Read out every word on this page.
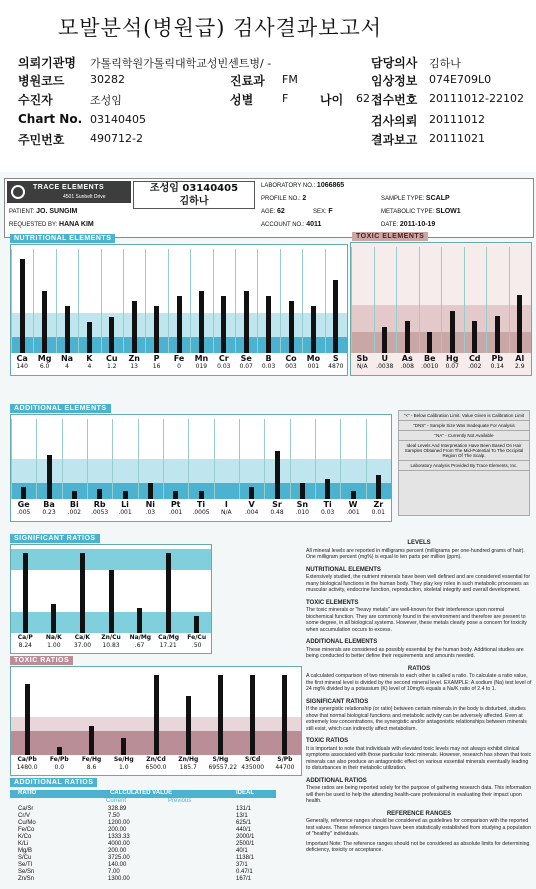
모발분석(병원급) 검사결과보고서
의뢰기관명 가톨릭학원가톨릭대학교성빈센트병/ -	담당의사 김하나
병원코드 30282	진료과 FM	임상정보 074E709L0
수진자	조성임	성별	F	나이 62 접수번호 20111012-22102
Chart No. 03140405	검사의뢰 20111012
주민번호 490712-2	결과보고 20111021
TRACE ELEMENTS
4501 Sunbelt Drive
조성임 03140405
김하나
LABORATORY NO.: 1066865
PROFILE NO.: 2	SAMPLE TYPE: SCALP
PATIENT: JO. SUNGIM	AGE: 62	SEX: F	METABOLIC TYPE: SLOW1
REQUESTED BY: HANA KIM	ACCOUNT NO.: 4011	DATE: 2011-10-19
NUTRITIONAL ELEMENTS	TOXIC ELEMENTS
Ca
140
Mg
6.0
Na
4
K
4
Cu
1.2
Zn
13
P
16
Fe
0
Mn
019
Cr
0.03
Se
0.07
B
0.03
Co
003
Mo
001
S
4870
Sb
N/A
U
.0038
As
.008
Be
.0010
Hg
0.07
Cd
.002
Pb
0.14
Al
2.9
ADDITIONAL ELEMENTS
Ge
.005
Ba
0.23
Bi
.002
Rb
.0053
Li
.001
Ni
.03
Pt
.001
Ti
.0005
I
N/A
V
.004
Sr
0.48
Sn
.010
Ti
0.03
W
.001
Zr
0.01
"<" - Below Calibration Limit. Value Given is Calibration Limit
"DNS" - Sample Size Was Inadequate For Analysis
"NA" - Currently Not Available
Ideal Levels And Interpretation Have Been Based On Hair Samples Obtained From The Mid-Potential To The Occipital Region Of The Scalp.
Laboratory Analysis Provided By Trace Elements, Inc.
SIGNIFICANT RATIOS
Ca/P
8.24
Na/K
1.00
Ca/K
37.00
Zn/Cu
10.83
Na/Mg
.67
Ca/Mg
17.21
Fe/Cu
.50
TOXIC RATIOS
Ca/Pb
1480.0
Fe/Pb
0.0
Fe/Hg
8.6
Se/Hg
1.0
Zn/Cd
6500.0
Zn/Hg
185.7
S/Hg
69557.22
S/Cd
435000
S/Pb
44700
ADDITIONAL RATIOS
RATIO	CALCULATED VALUE	IDEAL
Current	Previous
Ca/Sr	328.89	131/1
Cr/V	7.50	13/1
Cu/Mo	1200.00	625/1
Fe/Co	200.00	440/1
K/Co	1333.33	2000/1
K/Li	4000.00	2500/1
Mg/B	200.00	40/1
S/Cu	3725.00	1138/1
Se/TI	140.00	37/1
Se/Sn	7.00	0.47/1
Zn/Sn	1300.00	167/1
LEVELS

All mineral levels are reported in milligrams percent (milligrams per one-hundred grams of hair). One milligram percent (mg%) is equal to ten parts per million (ppm).

NUTRITIONAL ELEMENTS

Extensively studied, the nutrient minerals have been well defined and are considered essential for many biological functions in the human body. They play key roles in such metabolic processes as muscular activity, endocrine function, reproduction, skeletal integrity and overall development.

TOXIC ELEMENTS

The toxic minerals or "heavy metals" are well-known for their interference upon normal biochemical function. They are commonly found in the environment and therefore are present to some degree, in all biological systems. However, these metals clearly pose a concern for toxicity when accumulation occurs to excess.

ADDITIONAL ELEMENTS

These minerals are considered as possibly essential by the human body. Additional studies are being conducted to better define their requirements and amounts needed.

RATIOS

A calculated comparison of two minerals to each other is called a ratio. To calculate a ratio value, the first mineral level is divided by the second mineral level. EXAMPLE: A sodium (Na) test level of 24 mg% divided by a potassium (K) level of 10mg% equals a Na/K ratio of 2.4 to 1.

SIGNIFICANT RATIOS

If the synergistic relationship (or ratio) between certain minerals in the body is disturbed, studies show that normal biological functions and metabolic activity can be adversely affected. Even at extremely low concentrations, the synergistic and/or antagonistic relationships between minerals still exist, which can indirectly affect metabolism.

TOXIC RATIOS

It is important to note that individuals with elevated toxic levels may not always exhibit clinical symptoms associated with those particular toxic minerals. However, research has shown that toxic minerals can also produce an antagonistic effect on various essential minerals eventually leading to disturbances in their metabolic utilization.

ADDITIONAL RATIOS

These ratios are being reported solely for the purpose of gathering research data. This information will then be used to help the attending health-care professional in evaluating their impact upon health.

REFERENCE RANGES

Generally, reference ranges should be considered as guidelines for comparison with the reported test values. These reference ranges have been statistically established from studying a population of "healthy" individuals.

Important Note: The reference ranges should not be considered as absolute limits for determining deficiency, toxicity or acceptance.
